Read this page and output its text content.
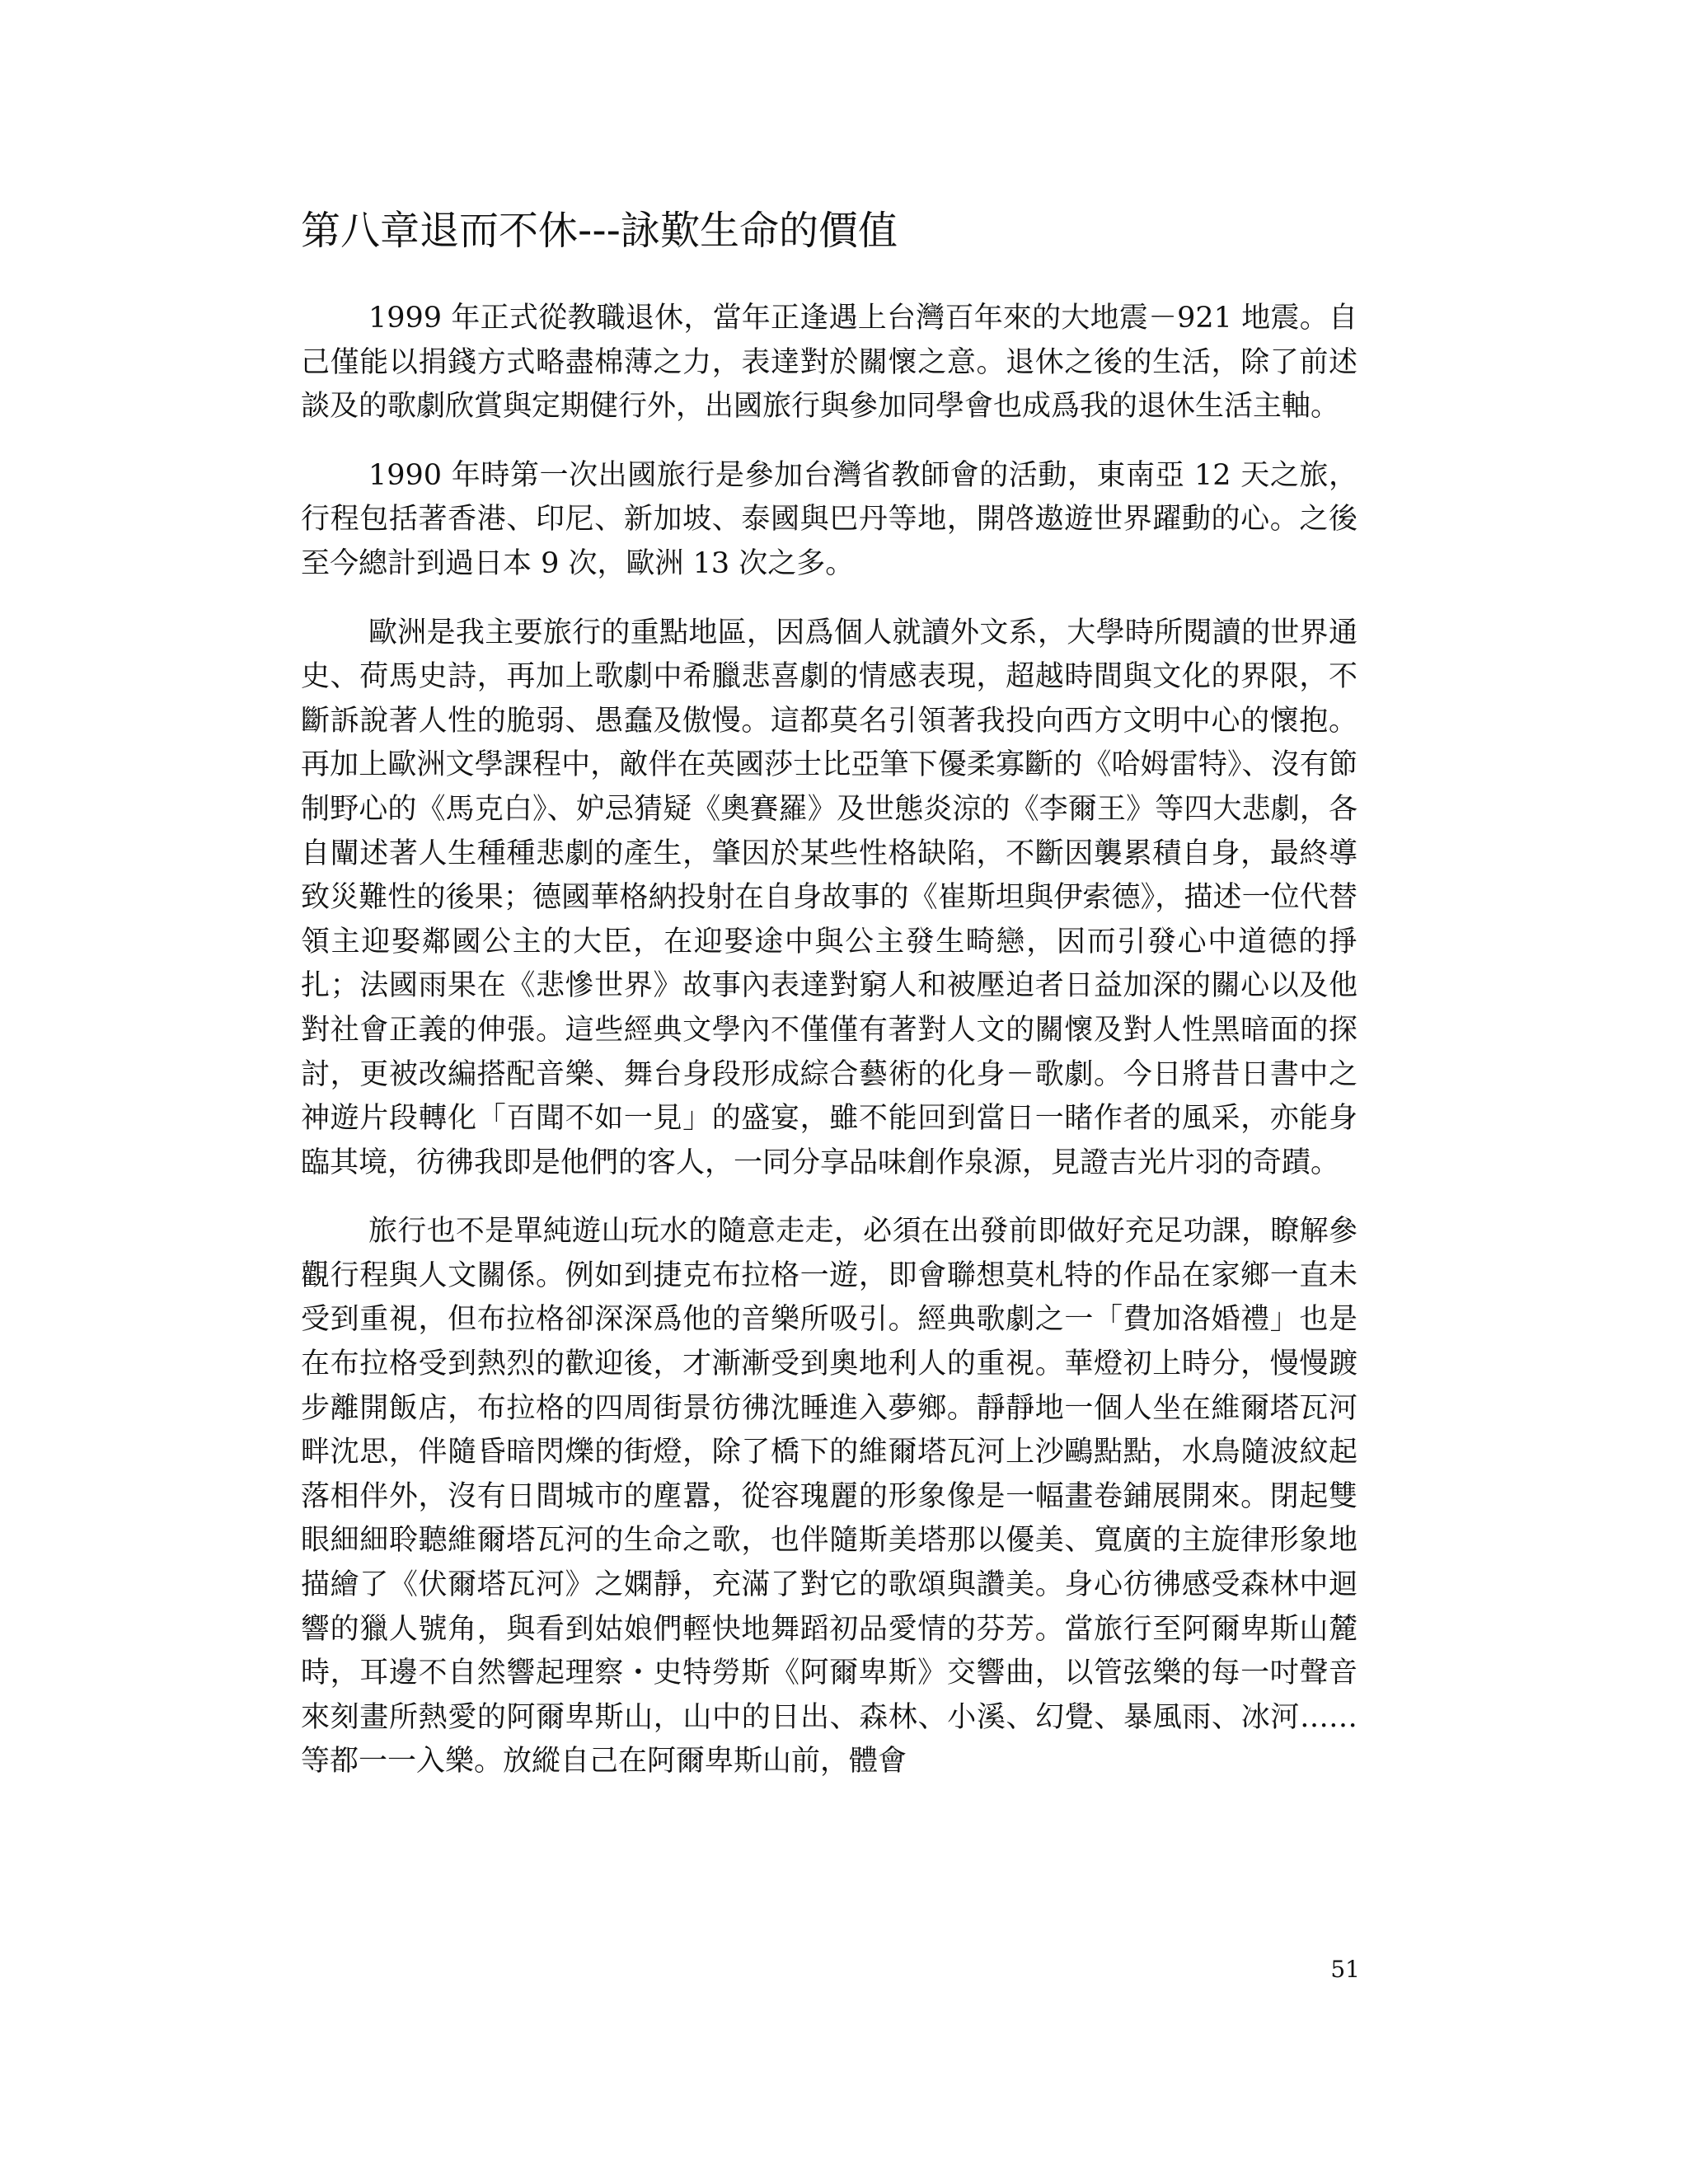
第八章退而不休---詠歎生命的價值

1999 年正式從教職退休，當年正逢遇上台灣百年來的大地震－921 地震。自己僅能以捐錢方式略盡棉薄之力，表達對於關懷之意。退休之後的生活，除了前述談及的歌劇欣賞與定期健行外，出國旅行與參加同學會也成爲我的退休生活主軸。

1990 年時第一次出國旅行是參加台灣省教師會的活動，東南亞 12 天之旅，行程包括著香港、印尼、新加坡、泰國與巴丹等地，開啓遨遊世界躍動的心。之後至今總計到過日本 9 次，歐洲 13 次之多。

歐洲是我主要旅行的重點地區，因爲個人就讀外文系，大學時所閱讀的世界通史、荷馬史詩，再加上歌劇中希臘悲喜劇的情感表現，超越時間與文化的界限，不斷訴說著人性的脆弱、愚蠢及傲慢。這都莫名引領著我投向西方文明中心的懷抱。再加上歐洲文學課程中，敵伴在英國莎士比亞筆下優柔寡斷的《哈姆雷特》、沒有節制野心的《馬克白》、妒忌猜疑《奧賽羅》及世態炎涼的《李爾王》等四大悲劇，各自闡述著人生種種悲劇的產生，肇因於某些性格缺陷，不斷因襲累積自身，最終導致災難性的後果；德國華格納投射在自身故事的《崔斯坦與伊索德》，描述一位代替領主迎娶鄰國公主的大臣，在迎娶途中與公主發生畸戀，因而引發心中道德的掙扎；法國雨果在《悲慘世界》故事內表達對窮人和被壓迫者日益加深的關心以及他對社會正義的伸張。這些經典文學內不僅僅有著對人文的關懷及對人性黑暗面的探討，更被改編搭配音樂、舞台身段形成綜合藝術的化身－歌劇。今日將昔日書中之神遊片段轉化「百聞不如一見」的盛宴，雖不能回到當日一睹作者的風采，亦能身臨其境，彷彿我即是他們的客人，一同分享品味創作泉源，見證吉光片羽的奇蹟。

旅行也不是單純遊山玩水的隨意走走，必須在出發前即做好充足功課，瞭解參觀行程與人文關係。例如到捷克布拉格一遊，即會聯想莫札特的作品在家鄉一直未受到重視，但布拉格卻深深爲他的音樂所吸引。經典歌劇之一「費加洛婚禮」也是在布拉格受到熱烈的歡迎後，才漸漸受到奧地利人的重視。華燈初上時分，慢慢踱步離開飯店，布拉格的四周街景彷彿沈睡進入夢鄉。靜靜地一個人坐在維爾塔瓦河畔沈思，伴隨昏暗閃爍的街燈，除了橋下的維爾塔瓦河上沙鷗點點，水鳥隨波紋起落相伴外，沒有日間城市的塵囂，從容瑰麗的形象像是一幅畫卷鋪展開來。閉起雙眼細細聆聽維爾塔瓦河的生命之歌，也伴隨斯美塔那以優美、寬廣的主旋律形象地描繪了《伏爾塔瓦河》之嫻靜，充滿了對它的歌頌與讚美。身心彷彿感受森林中迴響的獵人號角，與看到姑娘們輕快地舞蹈初品愛情的芬芳。當旅行至阿爾卑斯山麓時，耳邊不自然響起理察・史特勞斯《阿爾卑斯》交響曲，以管弦樂的每一吋聲音來刻畫所熱愛的阿爾卑斯山，山中的日出、森林、小溪、幻覺、暴風雨、冰河……等都一一入樂。放縱自己在阿爾卑斯山前，體會

51
